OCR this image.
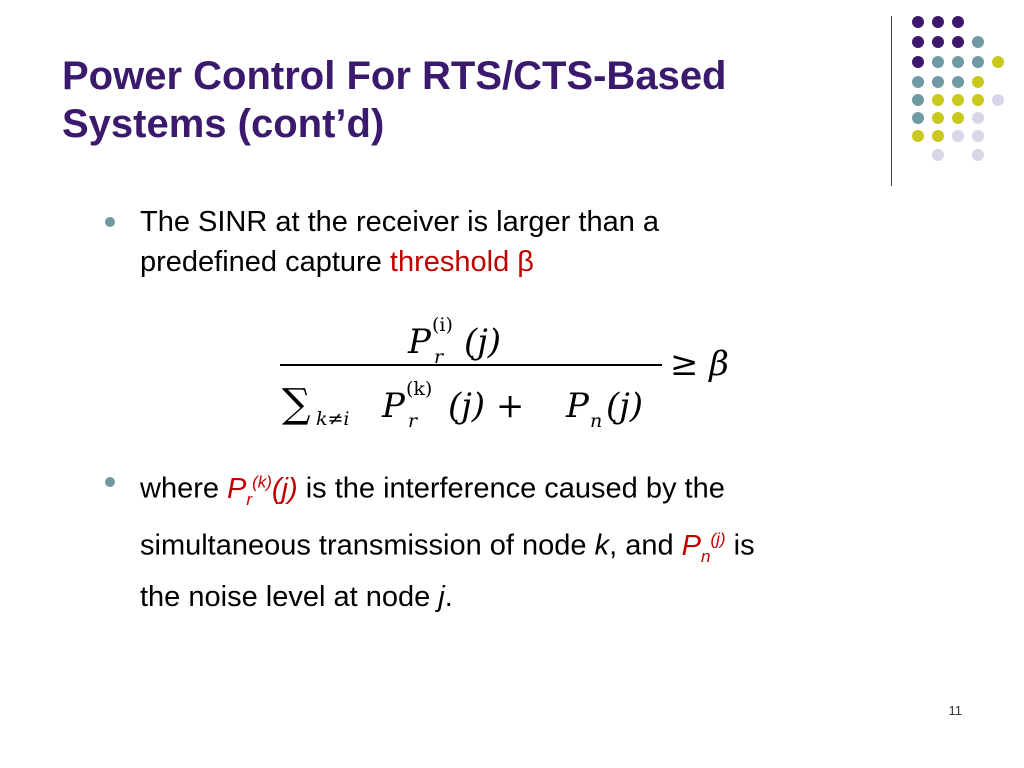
Power Control For RTS/CTS-Based
Systems (cont’d)
The SINR at the receiver is larger than a
predefined capture threshold β
P (i)
r (j)
∑ k≠i P (k)
r (j) + P n (j)
≥ β
where $P_r^{(k)}(j)$ is the interference caused by the
simultaneous transmission of node k, and $P_n^{(j)}$ is
the noise level at node j.
11
